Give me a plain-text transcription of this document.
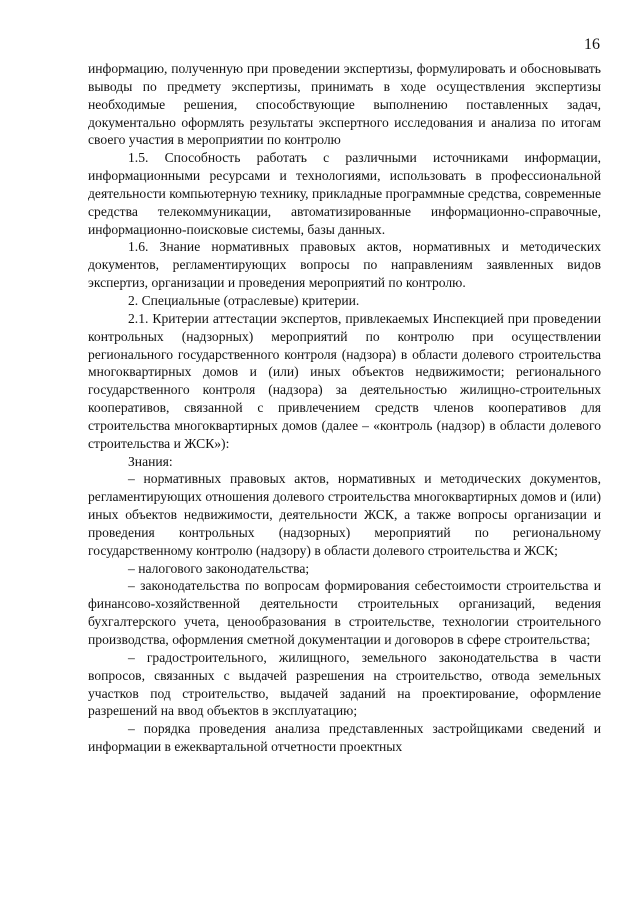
16

информацию, полученную при проведении экспертизы, формулировать и обосновывать выводы по предмету экспертизы, принимать в ходе осуществления экспертизы необходимые решения, способствующие выполнению поставленных задач, документально оформлять результаты экспертного исследования и анализа по итогам своего участия в мероприятии по контролю

1.5. Способность работать с различными источниками информации, информационными ресурсами и технологиями, использовать в профессиональной деятельности компьютерную технику, прикладные программные средства, современные средства телекоммуникации, автоматизированные информационно-справочные, информационно-поисковые системы, базы данных.

1.6. Знание нормативных правовых актов, нормативных и методических документов, регламентирующих вопросы по направлениям заявленных видов экспертиз, организации и проведения мероприятий по контролю.

2. Специальные (отраслевые) критерии.

2.1. Критерии аттестации экспертов, привлекаемых Инспекцией при проведении контрольных (надзорных) мероприятий по контролю при осуществлении регионального государственного контроля (надзора) в области долевого строительства многоквартирных домов и (или) иных объектов недвижимости; регионального государственного контроля (надзора) за деятельностью жилищно-строительных кооперативов, связанной с привлечением средств членов кооперативов для строительства многоквартирных домов (далее – «контроль (надзор) в области долевого строительства и ЖСК»):

Знания:

– нормативных правовых актов, нормативных и методических документов, регламентирующих отношения долевого строительства многоквартирных домов и (или) иных объектов недвижимости, деятельности ЖСК, а также вопросы организации и проведения контрольных (надзорных) мероприятий по региональному государственному контролю (надзору) в области долевого строительства и ЖСК;

– налогового законодательства;

– законодательства по вопросам формирования себестоимости строительства и финансово-хозяйственной деятельности строительных организаций, ведения бухгалтерского учета, ценообразования в строительстве, технологии строительного производства, оформления сметной документации и договоров в сфере строительства;

– градостроительного, жилищного, земельного законодательства в части вопросов, связанных с выдачей разрешения на строительство, отвода земельных участков под строительство, выдачей заданий на проектирование, оформление разрешений на ввод объектов в эксплуатацию;

– порядка проведения анализа представленных застройщиками сведений и информации в ежеквартальной отчетности проектных
